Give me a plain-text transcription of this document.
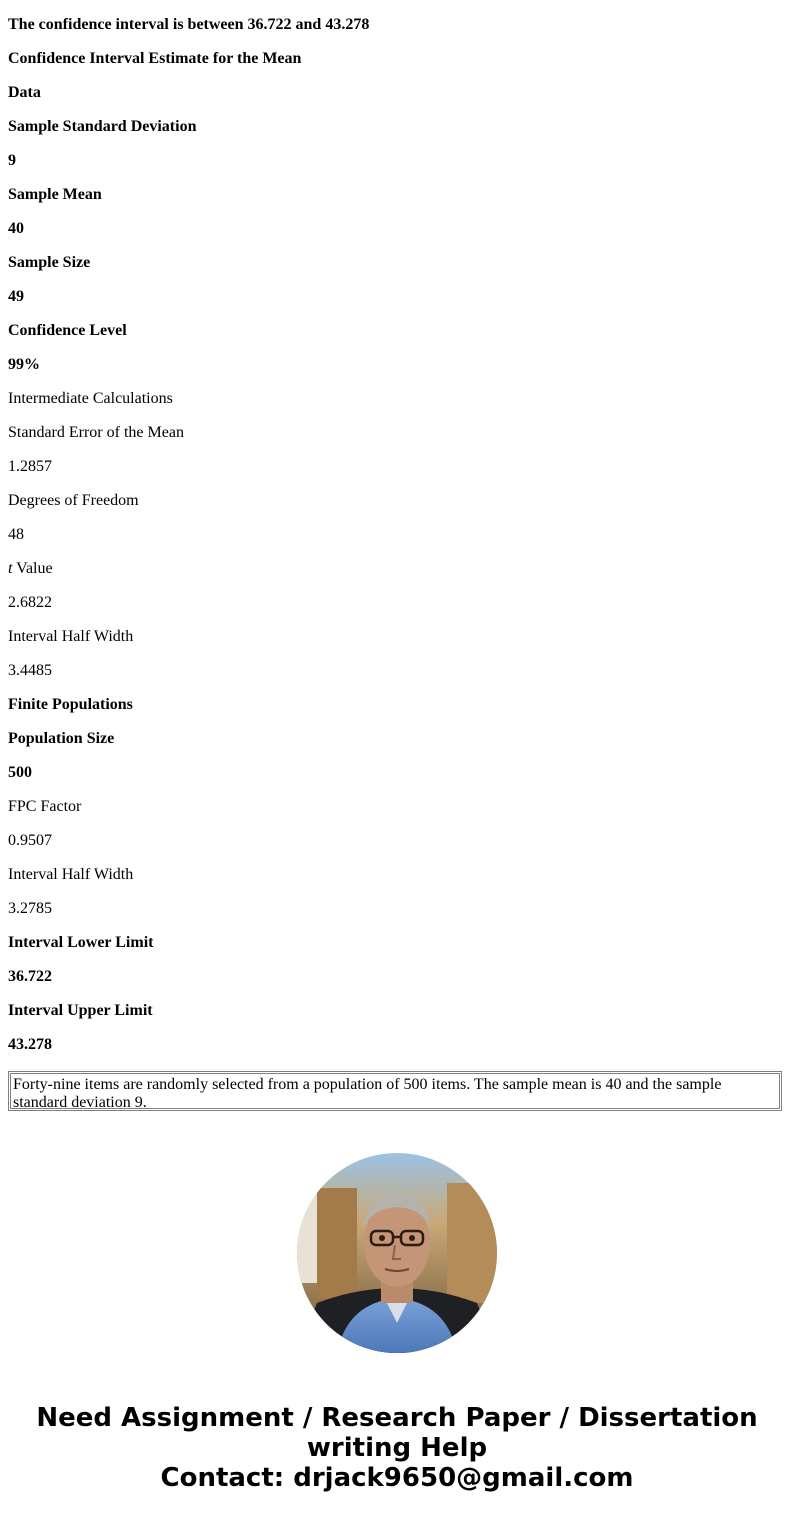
The confidence interval is between 36.722 and 43.278
Confidence Interval Estimate for the Mean
Data
Sample Standard Deviation
9
Sample Mean
40
Sample Size
49
Confidence Level
99%
Intermediate Calculations
Standard Error of the Mean
1.2857
Degrees of Freedom
48
t Value
2.6822
Interval Half Width
3.4485
Finite Populations
Population Size
500
FPC Factor
0.9507
Interval Half Width
3.2785
Interval Lower Limit
36.722
Interval Upper Limit
43.278
Forty-nine items are randomly selected from a population of 500 items. The sample mean is 40 and the sample standard deviation 9.
Need Assignment / Research Paper / Dissertation
writing Help
Contact: drjack9650@gmail.com
